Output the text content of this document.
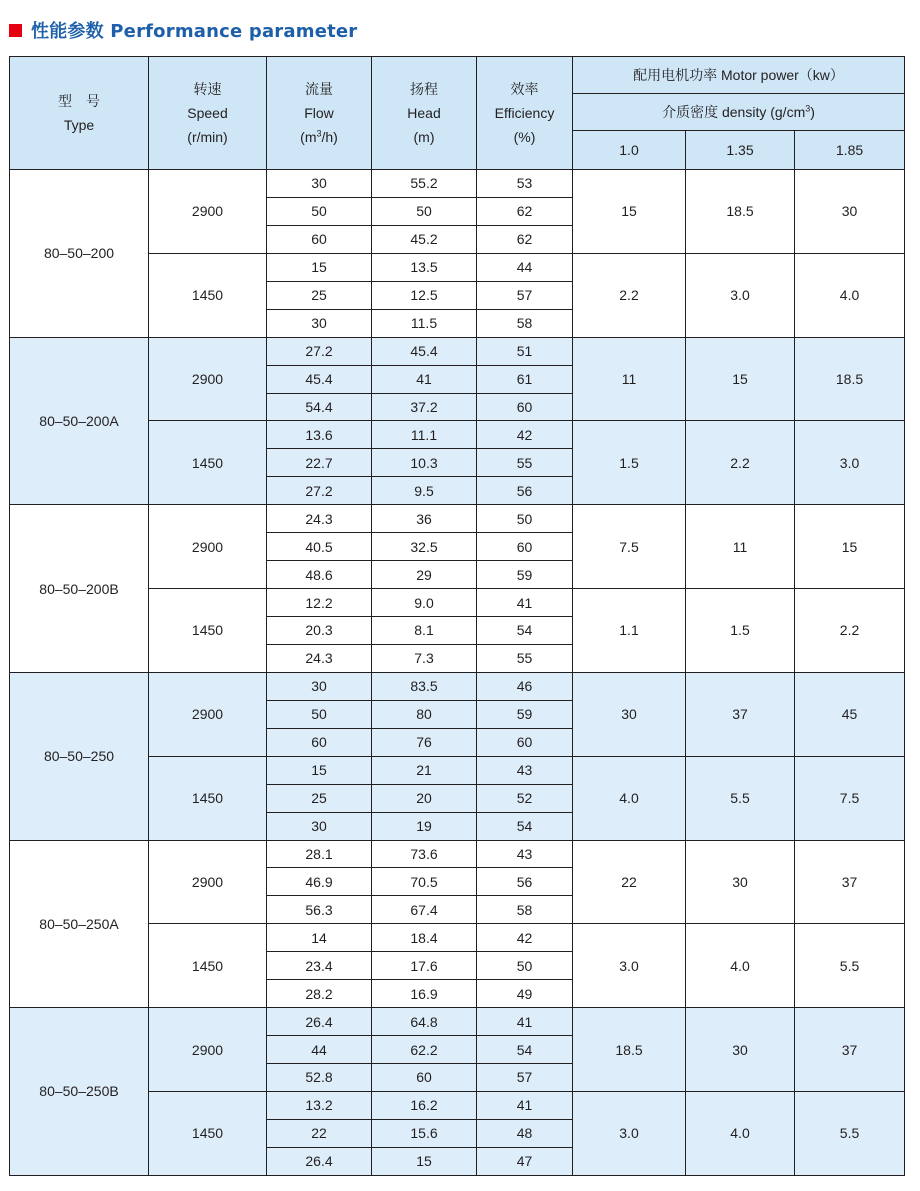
性能参数 Performance parameter
型　号
Type	转速
Speed
(r/min)	流量
Flow
$(m^3/h)$	扬程
Head
(m)	效率
Efficiency
(%)	配用电机功率 Motor power（kw）		
					介质密度 density $(g/cm^3)$		
					1.0	1.35	1.85
80–50–200	2900	30	55.2	53	15	18.5	30
		50	50	62			
		60	45.2	62			
	1450	15	13.5	44	2.2	3.0	4.0
		25	12.5	57			
		30	11.5	58			
80–50–200A	2900	27.2	45.4	51	11	15	18.5
		45.4	41	61			
		54.4	37.2	60			
	1450	13.6	11.1	42	1.5	2.2	3.0
		22.7	10.3	55			
		27.2	9.5	56			
80–50–200B	2900	24.3	36	50	7.5	11	15
		40.5	32.5	60			
		48.6	29	59			
	1450	12.2	9.0	41	1.1	1.5	2.2
		20.3	8.1	54			
		24.3	7.3	55			
80–50–250	2900	30	83.5	46	30	37	45
		50	80	59			
		60	76	60			
	1450	15	21	43	4.0	5.5	7.5
		25	20	52			
		30	19	54			
80–50–250A	2900	28.1	73.6	43	22	30	37
		46.9	70.5	56			
		56.3	67.4	58			
	1450	14	18.4	42	3.0	4.0	5.5
		23.4	17.6	50			
		28.2	16.9	49			
80–50–250B	2900	26.4	64.8	41	18.5	30	37
		44	62.2	54			
		52.8	60	57			
	1450	13.2	16.2	41	3.0	4.0	5.5
		22	15.6	48			
		26.4	15	47			
